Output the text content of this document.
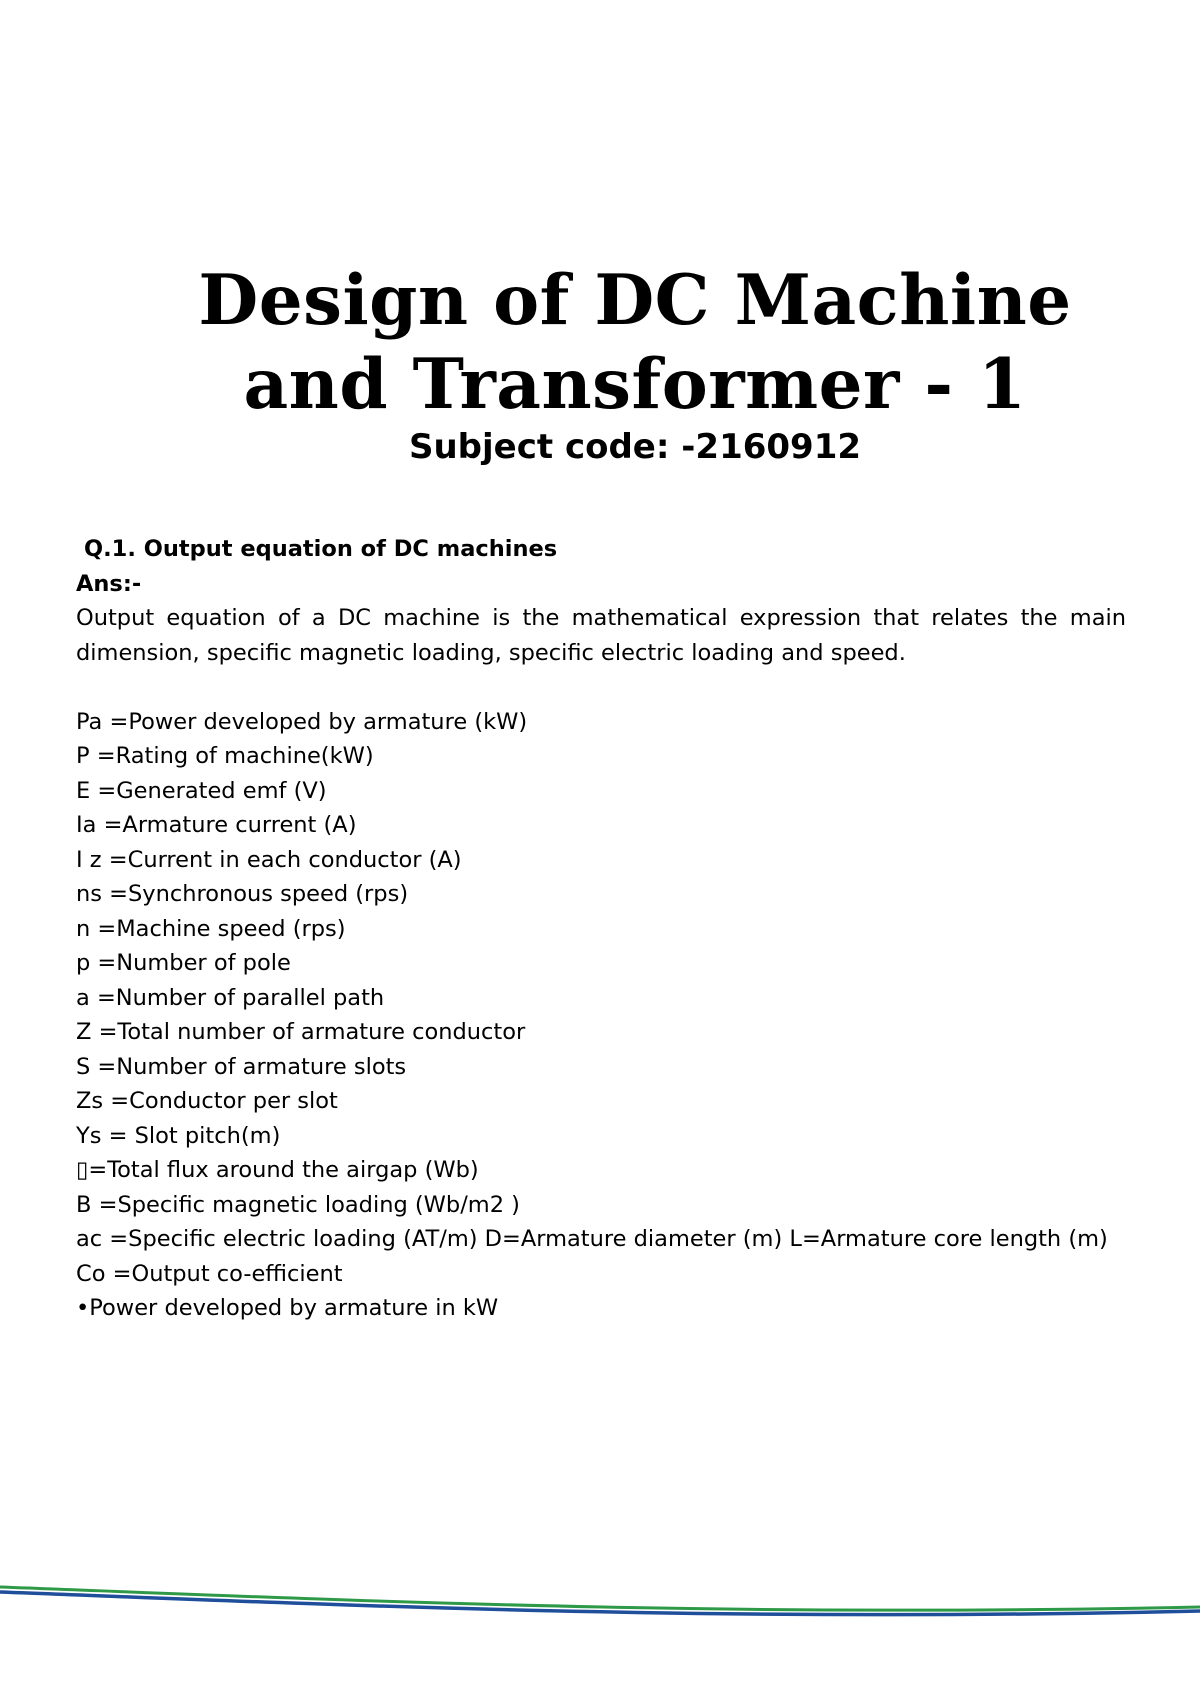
Design of DC Machine
and Transformer - 1

Subject code: -2160912

Q.1. Output equation of DC machines

Ans:-

Output equation of a DC machine is the mathematical expression that relates the main dimension, specific magnetic loading, specific electric loading and speed.

Pa =Power developed by armature (kW)
P =Rating of machine(kW)
E =Generated emf (V)
Ia =Armature current (A)
I z =Current in each conductor (A)
ns =Synchronous speed (rps)
n =Machine speed (rps)
p =Number of pole
a =Number of parallel path
Z =Total number of armature conductor
S =Number of armature slots
Zs =Conductor per slot
Ys = Slot pitch(m)
▯=Total flux around the airgap (Wb)
B =Specific magnetic loading (Wb/m2 )
ac =Specific electric loading (AT/m) D=Armature diameter (m) L=Armature core length (m)
Co =Output co-efficient

•Power developed by armature in kW
